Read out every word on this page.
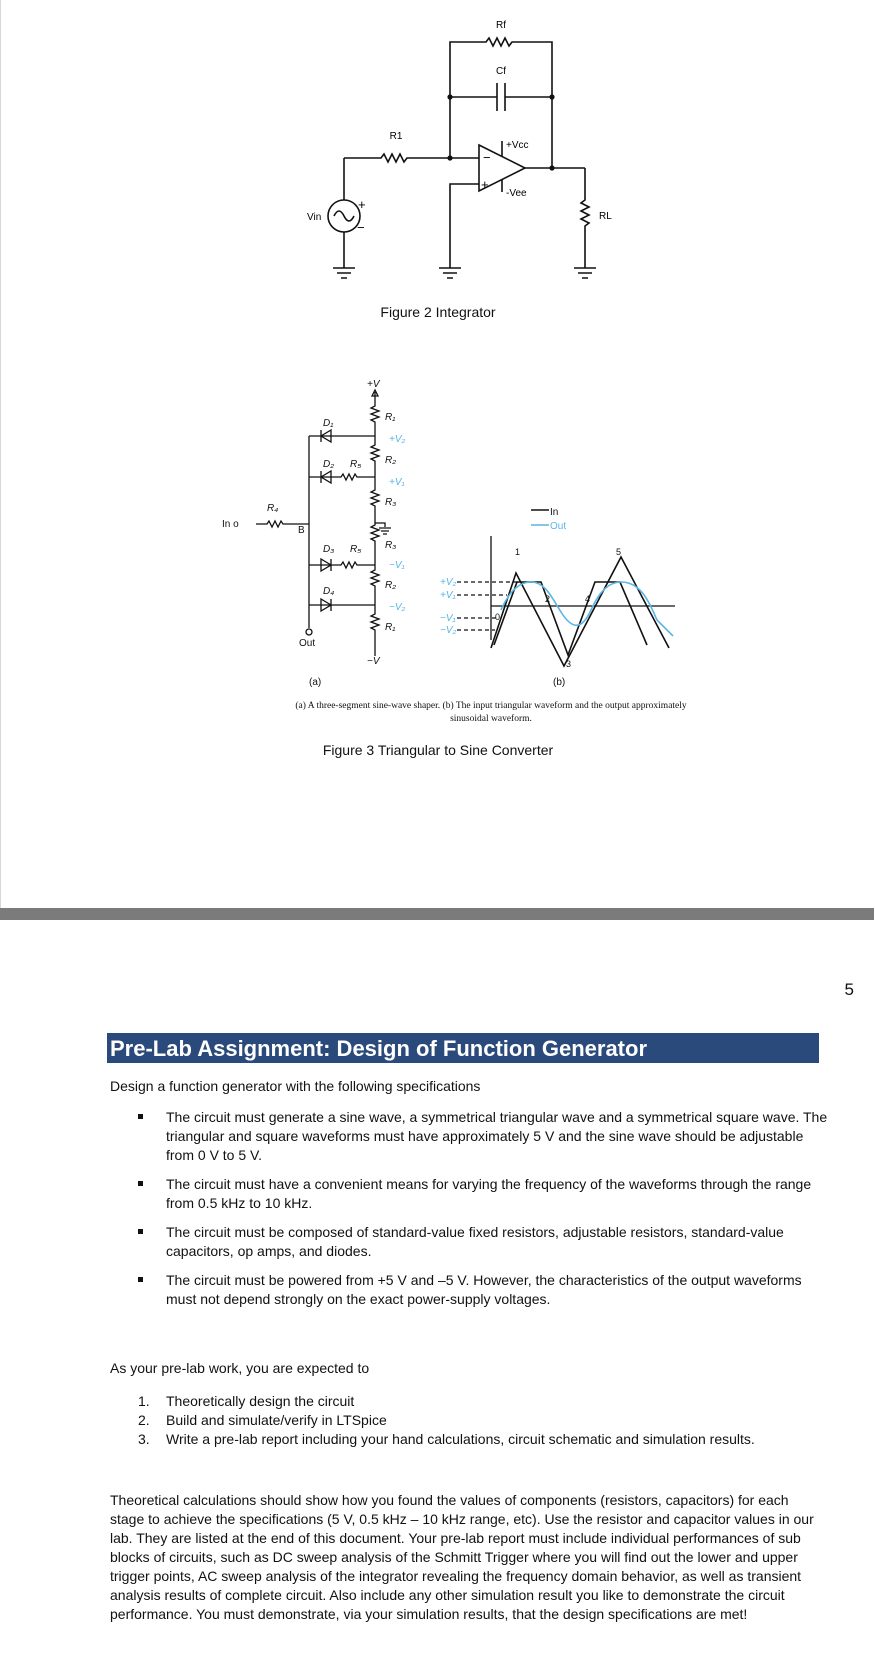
Rf
Cf
R1
+Vcc
-Vee
−
+
Vin
+
−
RL
Figure 2 Integrator
+V
−V
D₁
D₂
D₃
D₄
R₁
R₂
R₃
R₃
R₂
R₁
R₅
R₅
R₄
+V₂
+V₁
−V₁
−V₂
+V₂
+V₁
−V₁
−V₂
Out
In o
B
Out
(a)	(b)
In
0
1
2
3
4
5
(a) A three-segment sine-wave shaper. (b) The input triangular waveform and the output approximately sinusoidal waveform.
Figure 3 Triangular to Sine Converter
5
Pre-Lab Assignment: Design of Function Generator
Design a function generator with the following specifications
The circuit must generate a sine wave, a symmetrical triangular wave and a symmetrical square wave. The triangular and square waveforms must have approximately 5 V and the sine wave should be adjustable from 0 V to 5 V.
The circuit must have a convenient means for varying the frequency of the waveforms through the range from 0.5 kHz to 10 kHz.
The circuit must be composed of standard-value fixed resistors, adjustable resistors, standard-value capacitors, op amps, and diodes.
The circuit must be powered from +5 V and –5 V. However, the characteristics of the output waveforms must not depend strongly on the exact power-supply voltages.
As your pre-lab work, you are expected to
1. Theoretically design the circuit
2. Build and simulate/verify in LTSpice
3. Write a pre-lab report including your hand calculations, circuit schematic and simulation results.
Theoretical calculations should show how you found the values of components (resistors, capacitors) for each stage to achieve the specifications (5 V, 0.5 kHz – 10 kHz range, etc). Use the resistor and capacitor values in our lab. They are listed at the end of this document. Your pre-lab report must include individual performances of sub blocks of circuits, such as DC sweep analysis of the Schmitt Trigger where you will find out the lower and upper trigger points, AC sweep analysis of the integrator revealing the frequency domain behavior, as well as transient analysis results of complete circuit. Also include any other simulation result you like to demonstrate the circuit performance. You must demonstrate, via your simulation results, that the design specifications are met!
